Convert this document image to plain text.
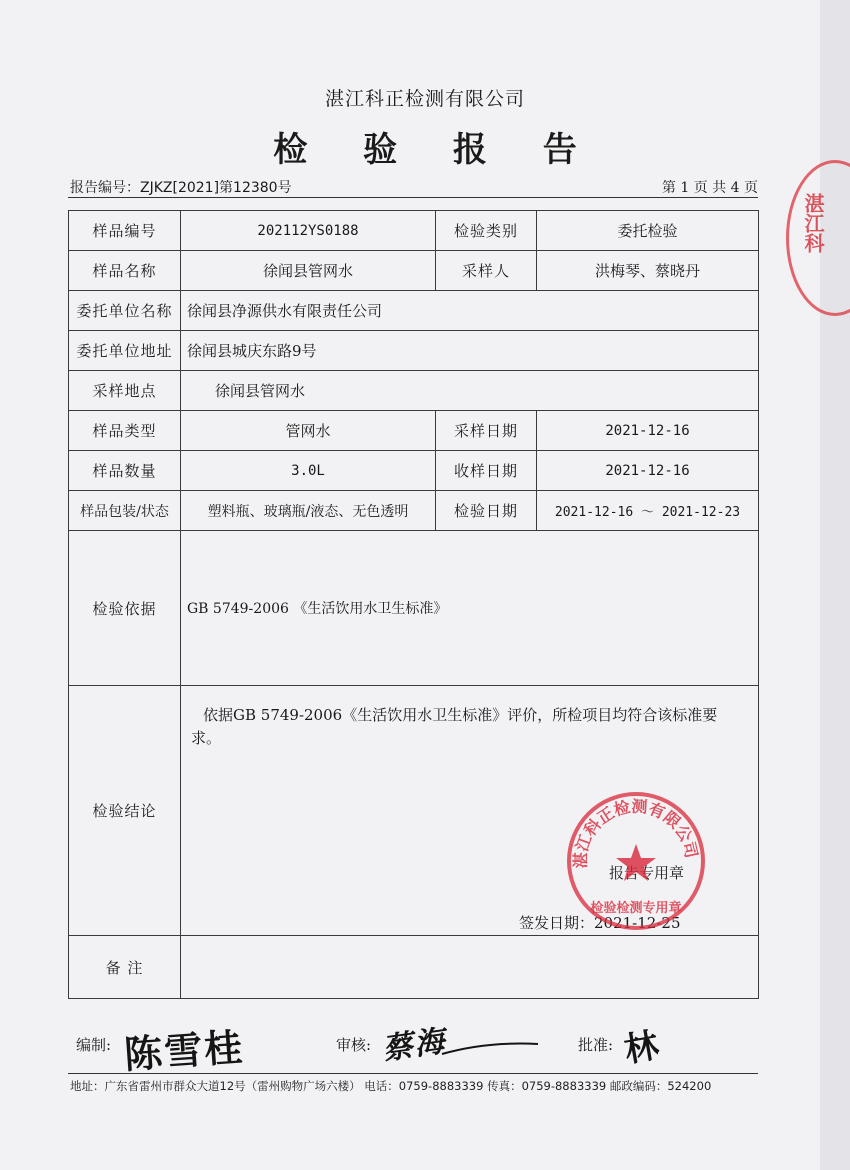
湛江科正检测有限公司
检 验 报 告
报告编号：ZJKZ[2021]第12380号	第 1 页 共 4 页
湛江科
样品编号	202112YS0188	检验类别	委托检验
样品名称	徐闻县管网水	采样人	洪梅琴、蔡晓丹
委托单位名称	徐闻县净源供水有限责任公司		
委托单位地址	徐闻县城庆东路9号		
采样地点	徐闻县管网水		
样品类型	管网水	采样日期	2021-12-16
样品数量	3.0L	收样日期	2021-12-16
样品包装/状态	塑料瓶、玻璃瓶/液态、无色透明	检验日期	2021-12-16 ～ 2021-12-23
检验依据	GB 5749-2006 《生活饮用水卫生标准》		
检验结论	依据GB 5749-2006《生活饮用水卫生标准》评价，所检项目均符合该标准要求。
报告专用章
签发日期：2021-12-25		

备 注			
湛江科正检测有限公司
检验检测专用章
编制: 陈雪桂	审核: 蔡海	批准: 林
地址：广东省雷州市群众大道12号（雷州购物广场六楼） 电话：0759-8883339 传真：0759-8883339 邮政编码：524200
